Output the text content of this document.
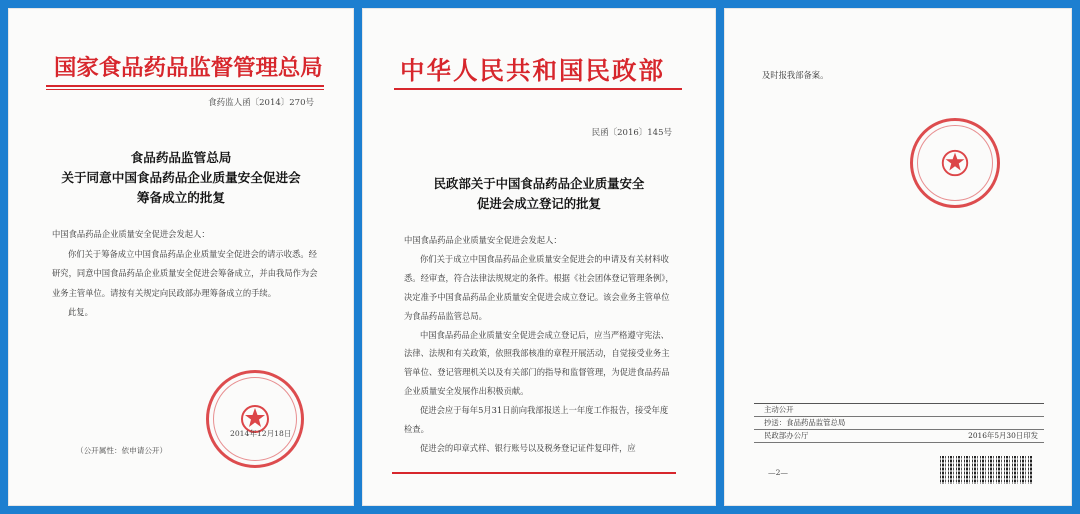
国家食品药品监督管理总局
食药监人函〔2014〕270号
食品药品监管总局
关于同意中国食品药品企业质量安全促进会
筹备成立的批复

中国食品药品企业质量安全促进会发起人：

你们关于筹备成立中国食品药品企业质量安全促进会的请示收悉。经研究，同意中国食品药品企业质量安全促进会筹备成立，并由我局作为会业务主管单位。请按有关规定向民政部办理筹备成立的手续。

此复。

2014年12月18日
（公开属性：依申请公开）
中华人民共和国民政部
民函〔2016〕145号
民政部关于中国食品药品企业质量安全
促进会成立登记的批复

中国食品药品企业质量安全促进会发起人：

你们关于成立中国食品药品企业质量安全促进会的申请及有关材料收悉。经审查，符合法律法规规定的条件。根据《社会团体登记管理条例》，决定准予中国食品药品企业质量安全促进会成立登记。该会业务主管单位为食品药品监管总局。

中国食品药品企业质量安全促进会成立登记后，应当严格遵守宪法、法律、法规和有关政策，依照我部核准的章程开展活动，自觉接受业务主管单位、登记管理机关以及有关部门的指导和监督管理，为促进食品药品企业质量安全发展作出积极贡献。

促进会应于每年5月31日前向我部报送上一年度工作报告，接受年度检查。

促进会的印章式样、银行账号以及税务登记证件复印件，应

及时报我部备案。
主动公开
抄送：食品药品监管总局
民政部办公厅	2016年5月30日印发
—2—
